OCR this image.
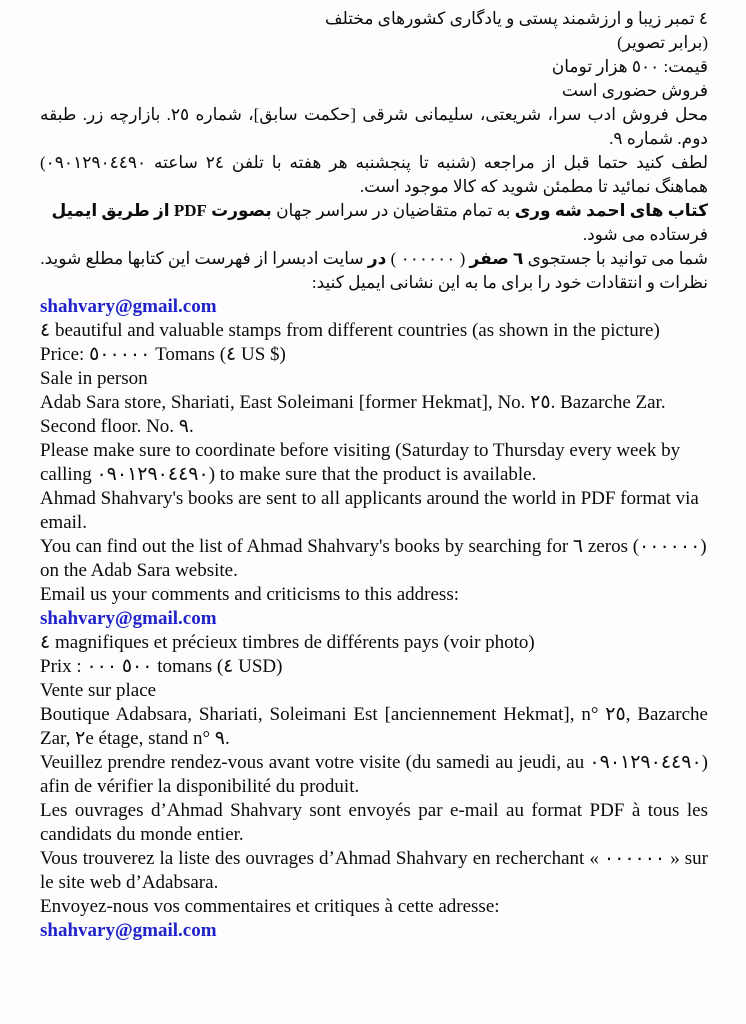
٤ تمبر زیبا و ارزشمند پستی و یادگاری کشورهای مختلف
(برابر تصویر)
قیمت: ٥٠٠ هزار تومان
فروش حضوری است
محل فروش ادب سرا، شریعتی، سلیمانی شرقی [حکمت سابق]، شماره ٢٥. بازارچه زر. طبقه دوم. شماره ٩.
لطف کنید حتما قبل از مراجعه (شنبه تا پنجشنبه هر هفته با تلفن ٢٤ ساعته ٠٩٠١٢٩٠٤٤٩٠) هماهنگ نمائید تا مطمئن شوید که کالا موجود است.
کتاب های احمد شه وری به تمام متقاضیان در سراسر جهان بصورت PDF از طریق ایمیل فرستاده می شود.
شما می توانید با جستجوی ٦ صفر ( ٠٠٠٠٠٠ ) در سایت ادبسرا از فهرست این کتابها مطلع شوید.
نظرات و انتقادات خود را برای ما به این نشانی ایمیل کنید:
shahvary@gmail.com
٤ beautiful and valuable stamps from different countries (as shown in the picture)
Price: ٥٠٠٠٠٠ Tomans (٤ US $)
Sale in person
Adab Sara store, Shariati, East Soleimani [former Hekmat], No. ٢٥. Bazarche Zar. Second floor. No. ٩.
Please make sure to coordinate before visiting (Saturday to Thursday every week by calling ٠٩٠١٢٩٠٤٤٩٠) to make sure that the product is available.
Ahmad Shahvary's books are sent to all applicants around the world in PDF format via email.
You can find out the list of Ahmad Shahvary's books by searching for ٦ zeros (٠٠٠٠٠٠) on the Adab Sara website.
Email us your comments and criticisms to this address:
shahvary@gmail.com
٤ magnifiques et précieux timbres de différents pays (voir photo)
Prix : ٥٠٠ ٠٠٠ tomans (٤ USD)
Vente sur place
Boutique Adabsara, Shariati, Soleimani Est [anciennement Hekmat], n° ٢٥, Bazarche Zar, ٢e étage, stand n° ٩.
Veuillez prendre rendez-vous avant votre visite (du samedi au jeudi, au ٠٩٠١٢٩٠٤٤٩٠) afin de vérifier la disponibilité du produit.
Les ouvrages d’Ahmad Shahvary sont envoyés par e-mail au format PDF à tous les candidats du monde entier.
Vous trouverez la liste des ouvrages d’Ahmad Shahvary en recherchant « ٠٠٠٠٠٠ » sur le site web d’Adabsara.
Envoyez-nous vos commentaires et critiques à cette adresse:
shahvary@gmail.com
